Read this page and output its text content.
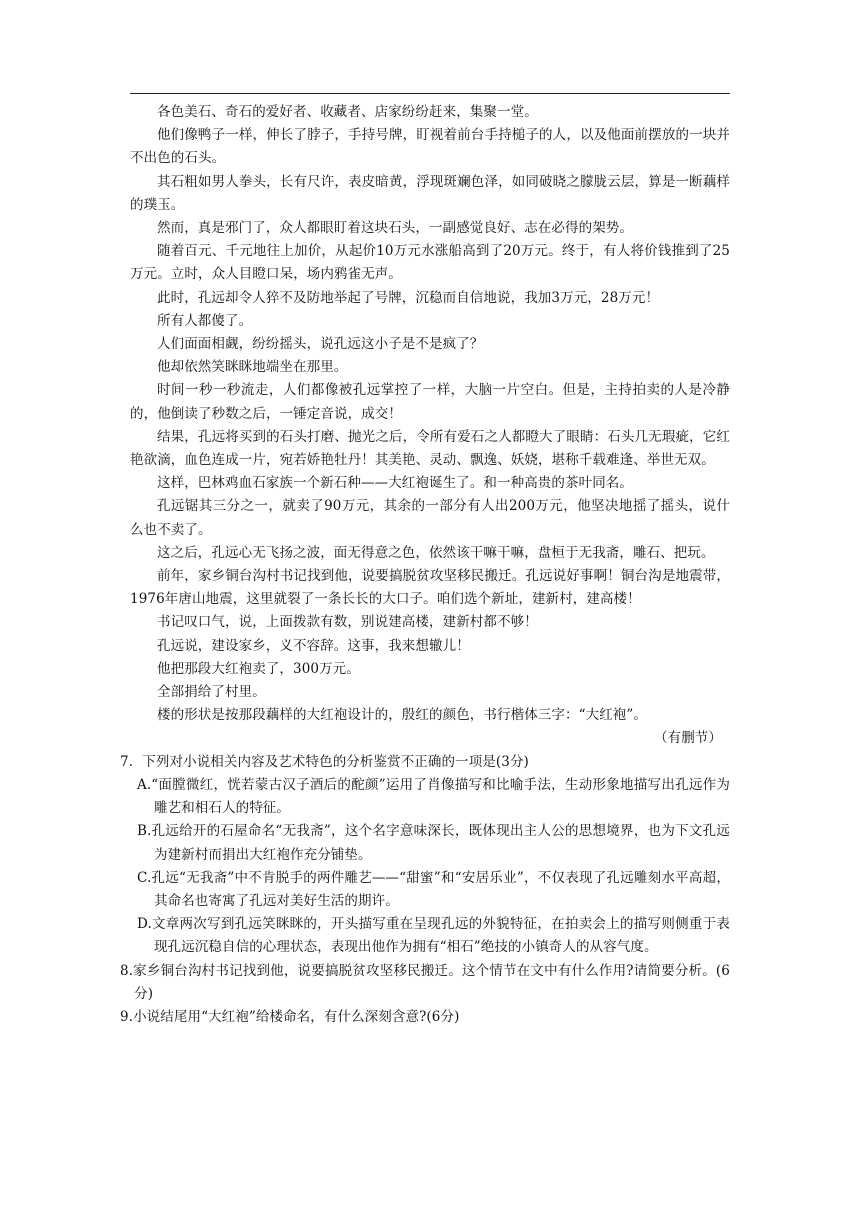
各色美石、奇石的爱好者、收藏者、店家纷纷赶来，集聚一堂。

他们像鸭子一样，伸长了脖子，手持号牌，盯视着前台手持槌子的人，以及他面前摆放的一块并不出色的石头。

其石粗如男人拳头，长有尺许，表皮暗黄，浮现斑斓色泽，如同破晓之朦胧云层，算是一断藕样的璞玉。

然而，真是邪门了，众人都眼盯着这块石头，一副感觉良好、志在必得的架势。

随着百元、千元地往上加价，从起价10万元水涨船高到了20万元。终于，有人将价钱推到了25万元。立时，众人目瞪口呆，场内鸦雀无声。

此时，孔远却令人猝不及防地举起了号牌，沉稳而自信地说，我加3万元，28万元！

所有人都傻了。

人们面面相觑，纷纷摇头，说孔远这小子是不是疯了？

他却依然笑眯眯地端坐在那里。

时间一秒一秒流走，人们都像被孔远掌控了一样，大脑一片空白。但是，主持拍卖的人是冷静的，他倒读了秒数之后，一锤定音说，成交！

结果，孔远将买到的石头打磨、抛光之后，令所有爱石之人都瞪大了眼睛：石头几无瑕疵，它红艳欲滴，血色连成一片，宛若娇艳牡丹！其美艳、灵动、飘逸、妖娆，堪称千载难逢、举世无双。

这样，巴林鸡血石家族一个新石种——大红袍诞生了。和一种高贵的茶叶同名。

孔远锯其三分之一，就卖了90万元，其余的一部分有人出200万元，他坚决地摇了摇头，说什么也不卖了。

这之后，孔远心无飞扬之波，面无得意之色，依然该干嘛干嘛，盘桓于无我斋，雕石、把玩。

前年，家乡铜台沟村书记找到他，说要搞脱贫攻坚移民搬迁。孔远说好事啊！铜台沟是地震带，1976年唐山地震，这里就裂了一条长长的大口子。咱们选个新址，建新村，建高楼！

书记叹口气，说，上面拨款有数，别说建高楼，建新村都不够！

孔远说，建设家乡，义不容辞。这事，我来想辙儿！

他把那段大红袍卖了，300万元。

全部捐给了村里。

楼的形状是按那段藕样的大红袍设计的，殷红的颜色，书行楷体三字：“大红袍”。

（有删节）

7．下列对小说相关内容及艺术特色的分析鉴赏不正确的一项是(3分)

A.“面膛微红，恍若蒙古汉子酒后的酡颜”运用了肖像描写和比喻手法，生动形象地描写出孔远作为雕艺和相石人的特征。

B.孔远给开的石屋命名“无我斋”，这个名字意味深长，既体现出主人公的思想境界，也为下文孔远为建新村而捐出大红袍作充分铺垫。

C.孔远“无我斋”中不肯脱手的两件雕艺——“甜蜜”和“安居乐业”，不仅表现了孔远雕刻水平高超，其命名也寄寓了孔远对美好生活的期许。

D.文章两次写到孔远笑眯眯的，开头描写重在呈现孔远的外貌特征，在拍卖会上的描写则侧重于表现孔远沉稳自信的心理状态，表现出他作为拥有“相石”绝技的小镇奇人的从容气度。

8.家乡铜台沟村书记找到他，说要搞脱贫攻坚移民搬迁。这个情节在文中有什么作用?请简要分析。(6分)

9.小说结尾用“大红袍”给楼命名，有什么深刻含意?(6分)
